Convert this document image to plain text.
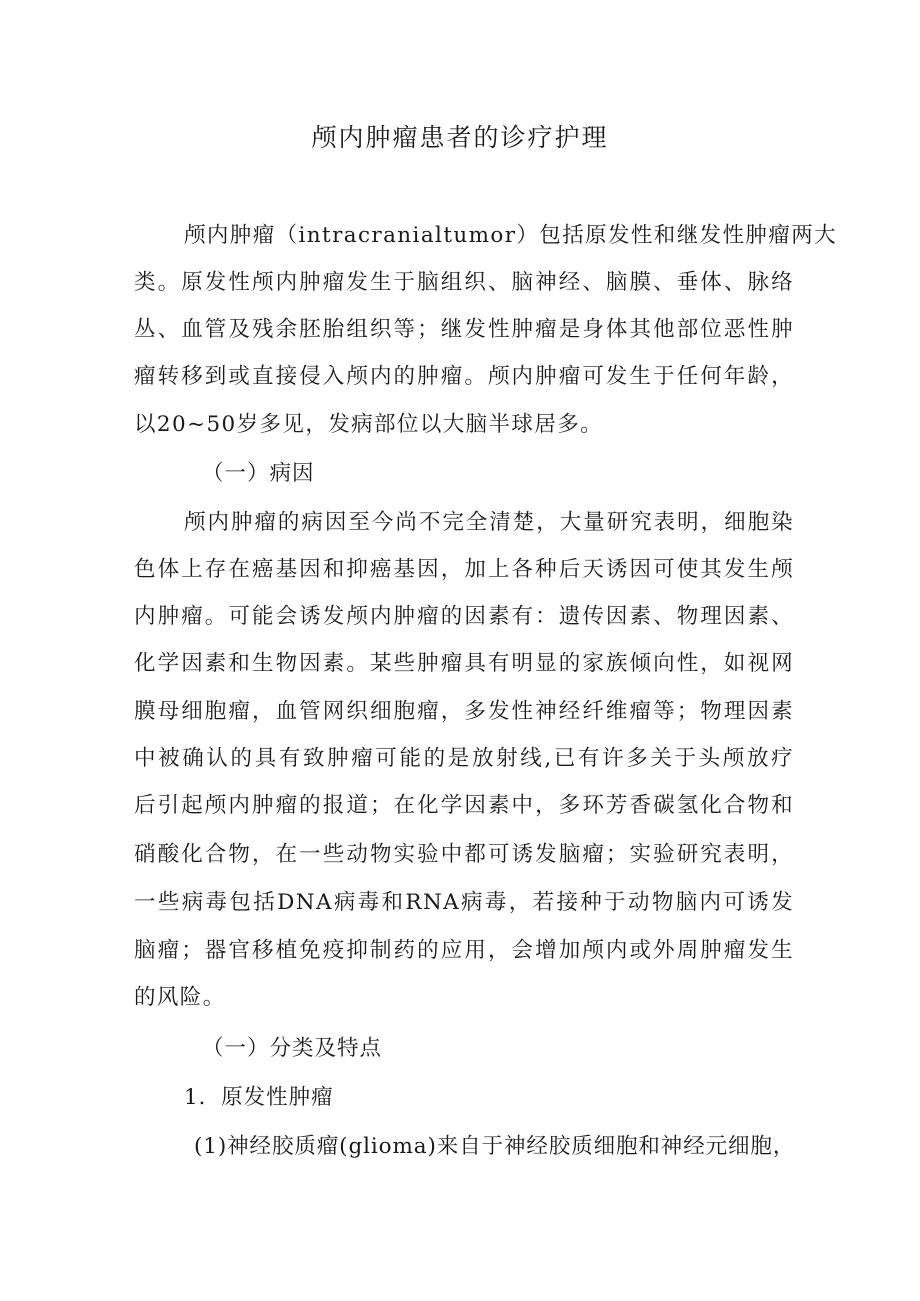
颅内肿瘤患者的诊疗护理

颅内肿瘤（intracranialtumor）包括原发性和继发性肿瘤两大

类。原发性颅内肿瘤发生于脑组织、脑神经、脑膜、垂体、脉络

丛、血管及残余胚胎组织等；继发性肿瘤是身体其他部位恶性肿

瘤转移到或直接侵入颅内的肿瘤。颅内肿瘤可发生于任何年龄，

以20~50岁多见，发病部位以大脑半球居多。

（一）病因

颅内肿瘤的病因至今尚不完全清楚，大量研究表明，细胞染

色体上存在癌基因和抑癌基因，加上各种后天诱因可使其发生颅

内肿瘤。可能会诱发颅内肿瘤的因素有：遗传因素、物理因素、

化学因素和生物因素。某些肿瘤具有明显的家族倾向性，如视网

膜母细胞瘤，血管网织细胞瘤，多发性神经纤维瘤等；物理因素

中被确认的具有致肿瘤可能的是放射线,已有许多关于头颅放疗

后引起颅内肿瘤的报道；在化学因素中，多环芳香碳氢化合物和

硝酸化合物，在一些动物实验中都可诱发脑瘤；实验研究表明，

一些病毒包括DNA病毒和RNA病毒，若接种于动物脑内可诱发

脑瘤；器官移植免疫抑制药的应用，会增加颅内或外周肿瘤发生

的风险。

（一）分类及特点

1．原发性肿瘤

(1)神经胶质瘤(glioma)来自于神经胶质细胞和神经元细胞，
